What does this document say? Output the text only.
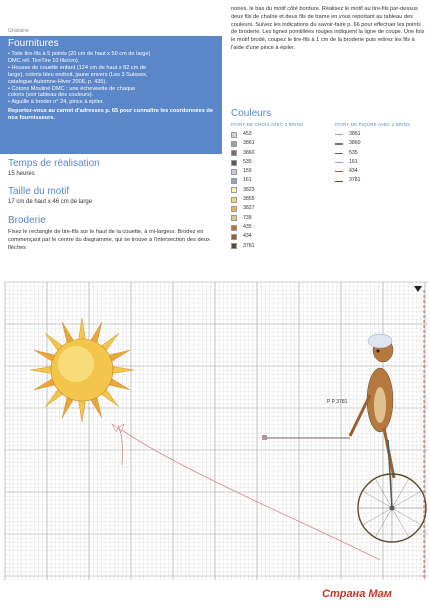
Ghislaine
Fournitures
• Toile tire-fils à 5 points (20 cm de haut x 50 cm de large)
DMC réf. TireTire 10 fils/cm).
• Housse de couette enfant (124 cm de haut x 82 cm de
large), coloris bleu endroit, jaune envers (Les 3 Suisses,
catalogue Automne-Hiver 2006, p. 435).
• Cotons Mouliné DMC : une écheveette de chaque
coloris (voir tableau des couleurs).
• Aiguille à broder n° 24, pince à épiler.
Reportez-vous au carnet d'adresses p. 65 pour connaître les coordonnées de nos fournisseurs.
Temps de réalisation
15 heures
Taille du motif
17 cm de haut x 46 cm de large
Broderie
Fixez le rectangle de tire-fils sur le haut de la couette, à mi-largeur. Brodez en commençant par le centre du diagramme, qui se trouve à l'intersection des deux flèches
noires, le bas du motif côté bordure. Réalisez le motif au tire-fils par-dessus deux fils de chaîne et deux fils de trame en vous reportant au tableau des couleurs. Suivez les indications du savoir-faire p. 66 pour effectuer les points de broderie. Les lignes pointillées rouges indiquent la ligne de coupe. Une fois le motif brodé, coupez le tire-fils à 1 cm de la broderie puis retirez les fils à l'aide d'une pince à épiler.
Couleurs
POINT DE CROIX AVEC 2 BRINS	POINT DE PIQÛRE AVEC 2 BRINS
453
3861
3860
535
159
161
3823
3855
3827
738
435
434
3781
3861
3860
535
161
434
3781
P P 3781
Страна Мам
